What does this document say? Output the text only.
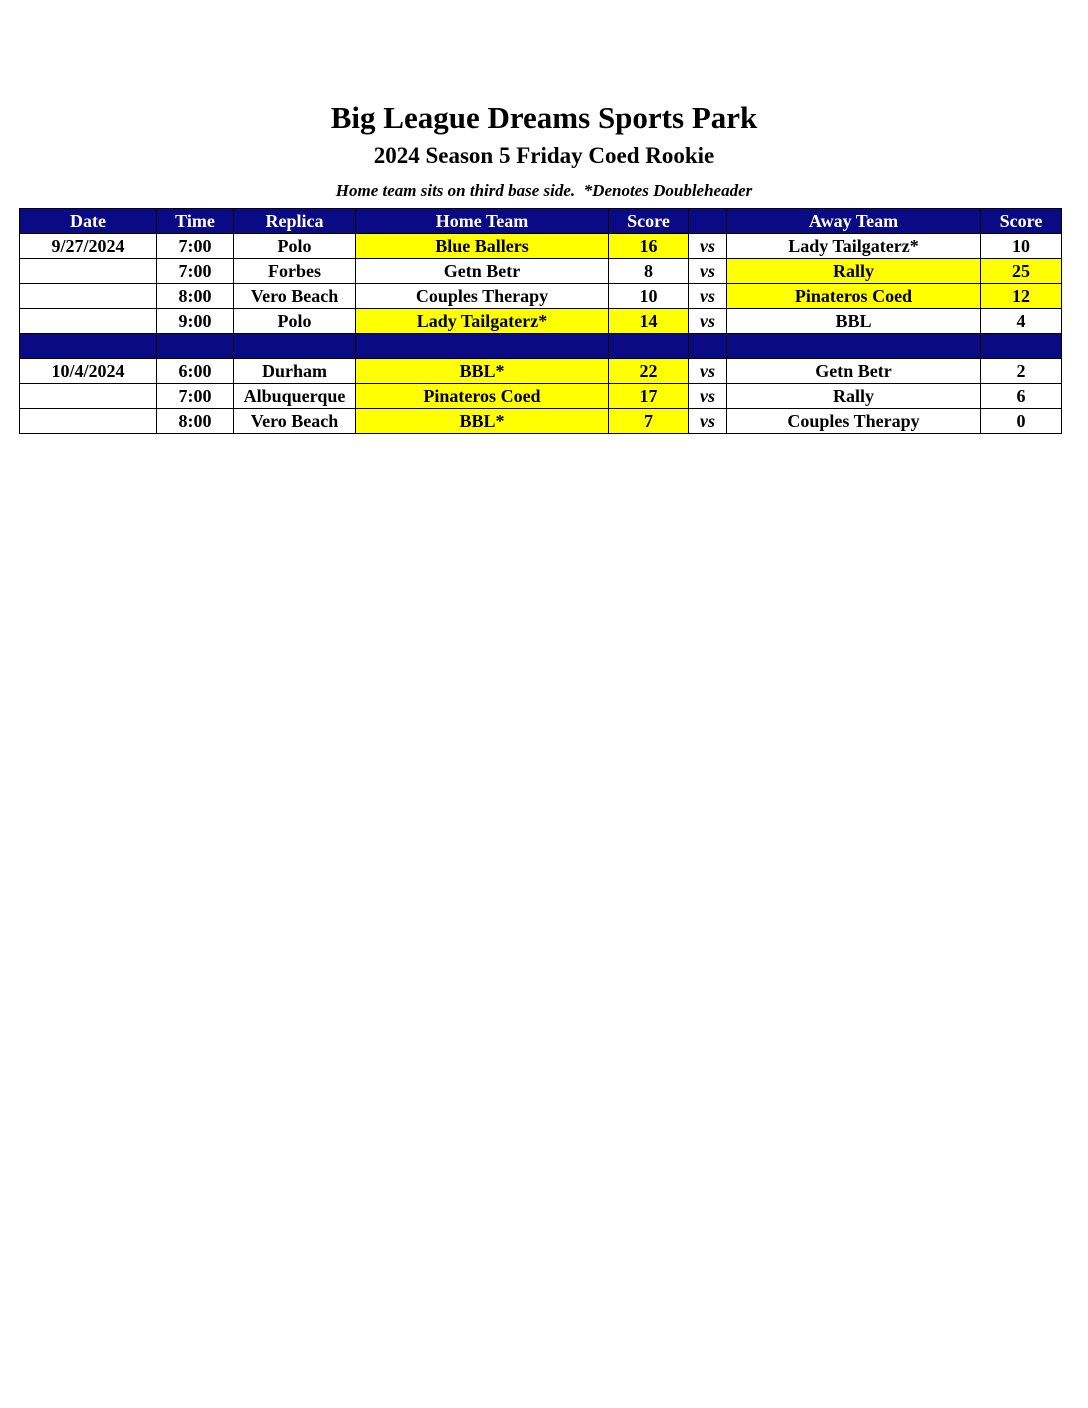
Big League Dreams Sports Park
2024 Season 5 Friday Coed Rookie
Home team sits on third base side.  *Denotes Doubleheader
Date	Time	Replica	Home Team	Score		Away Team	Score
9/27/2024	7:00	Polo	Blue Ballers	16	vs	Lady Tailgaterz*	10
	7:00	Forbes	Getn Betr	8	vs	Rally	25
	8:00	Vero Beach	Couples Therapy	10	vs	Pinateros Coed	12
	9:00	Polo	Lady Tailgaterz*	14	vs	BBL	4

10/4/2024	6:00	Durham	BBL*	22	vs	Getn Betr	2
	7:00	Albuquerque	Pinateros Coed	17	vs	Rally	6
	8:00	Vero Beach	BBL*	7	vs	Couples Therapy	0
